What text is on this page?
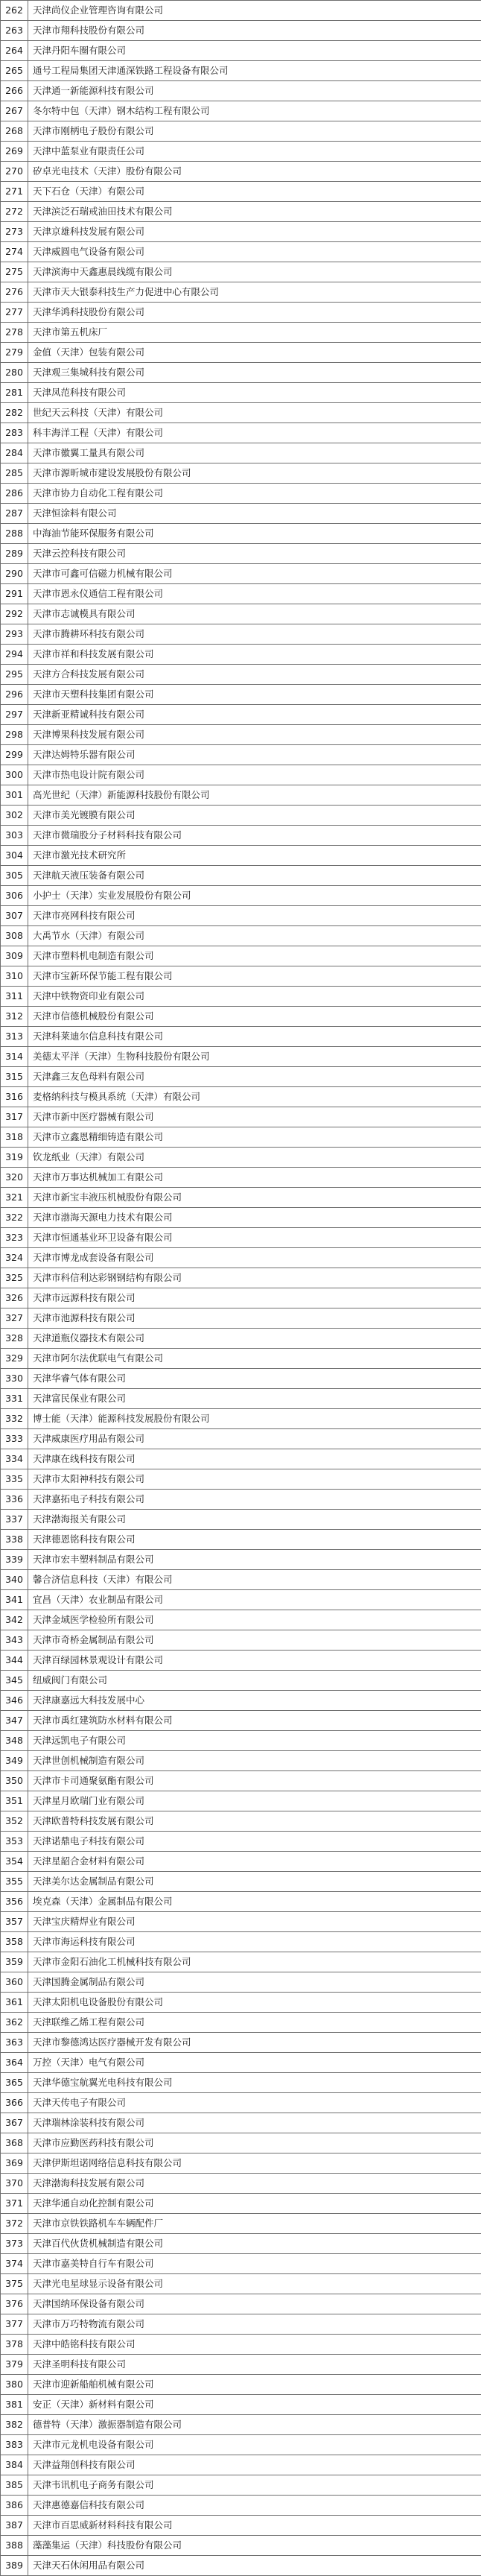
262	天津尚仪企业管理咨询有限公司
263	天津市翔科技股份有限公司
264	天津丹阳车圈有限公司
265	通号工程局集团天津通深铁路工程设备有限公司
266	天津通一新能源科技有限公司
267	冬尔特中包（天津）钢木结构工程有限公司
268	天津市刚柄电子股份有限公司
269	天津中蓝泵业有限责任公司
270	矽卓光电技术（天津）股份有限公司
271	天下石仓（天津）有限公司
272	天津滨泛石瑞戒油田技术有限公司
273	天津京雄科技发展有限公司
274	天津威圆电气设备有限公司
275	天津滨海中天鑫惠晨线缆有限公司
276	天津市天大银泰科技生产力促进中心有限公司
277	天津华鸿科技股份有限公司
278	天津市第五机床厂
279	金值（天津）包装有限公司
280	天津观三集城科技有限公司
281	天津凤范科技有限公司
282	世纪天云科技（天津）有限公司
283	科丰海洋工程（天津）有限公司
284	天津市徽翼工量具有限公司
285	天津市源昕城市建设发展股份有限公司
286	天津市协力自动化工程有限公司
287	天津恒涂料有限公司
288	中海油节能环保服务有限公司
289	天津云控科技有限公司
290	天津市可鑫可信磁力机械有限公司
291	天津市恩永仪通信工程有限公司
292	天津市志诚模具有限公司
293	天津市腾耕环科技有限公司
294	天津市祥和科技发展有限公司
295	天津方合科技发展有限公司
296	天津市天塑科技集团有限公司
297	天津新亚精诚科技有限公司
298	天津博果科技发展有限公司
299	天津达姆特乐器有限公司
300	天津市热电设计院有限公司
301	高光世纪（天津）新能源科技股份有限公司
302	天津市美光镀膜有限公司
303	天津市微瑞股分子材料科技有限公司
304	天津市激光技术研究所
305	天津航天液压装备有限公司
306	小护士（天津）实业发展股份有限公司
307	天津市亮网科技有限公司
308	大禹节水（天津）有限公司
309	天津市塑料机电制造有限公司
310	天津市宝新环保节能工程有限公司
311	天津中铁物资印业有限公司
312	天津市信德机械股份有限公司
313	天津科莱迪尔信息科技有限公司
314	美德太平洋（天津）生物科技股份有限公司
315	天津鑫三友色母料有限公司
316	麦格纳科技与模具系统（天津）有限公司
317	天津市新中医疗器械有限公司
318	天津市立鑫恩精细铸造有限公司
319	钦龙纸业（天津）有限公司
320	天津市万事达机械加工有限公司
321	天津市新宝丰液压机械股份有限公司
322	天津市渤海天源电力技术有限公司
323	天津市恒通基业环卫设备有限公司
324	天津市博龙成套设备有限公司
325	天津市科信利达彩钢钢结构有限公司
326	天津市远源科技有限公司
327	天津市池源科技有限公司
328	天津道瓶仪器技术有限公司
329	天津市阿尔法优联电气有限公司
330	天津华睿气体有限公司
331	天津富民保业有限公司
332	博士能（天津）能源科技发展股份有限公司
333	天津威康医疗用品有限公司
334	天津康在线科技有限公司
335	天津市太阳神科技有限公司
336	天津嘉拓电子科技有限公司
337	天津渤海报关有限公司
338	天津德恩铭科技有限公司
339	天津市宏丰塑料制品有限公司
340	馨合济信息科技（天津）有限公司
341	宜昌（天津）农业制品有限公司
342	天津金域医学检验所有限公司
343	天津市奇桥金属制品有限公司
344	天津百绿园林景观设计有限公司
345	纽威阀门有限公司
346	天津康嘉远大科技发展中心
347	天津市禹红建筑防水材料有限公司
348	天津远凯电子有限公司
349	天津世创机械制造有限公司
350	天津市卡司通聚氨酯有限公司
351	天津星月欧瑞门业有限公司
352	天津欧普特科技发展有限公司
353	天津诺鼎电子科技有限公司
354	天津星韶合金材料有限公司
355	天津美尔达金属制品有限公司
356	埃克森（天津）金属制品有限公司
357	天津宝庆精焊业有限公司
358	天津市海运科技有限公司
359	天津市金阳石油化工机械科技有限公司
360	天津国腾金属制品有限公司
361	天津太阳机电设备股份有限公司
362	天津联维乙烯工程有限公司
363	天津市黎德鸿达医疗器械开发有限公司
364	万控（天津）电气有限公司
365	天津华德宝航翼光电科技有限公司
366	天津天传电子有限公司
367	天津瑞林涂装科技有限公司
368	天津市应勤医药科技有限公司
369	天津伊斯坦诺网络信息科技有限公司
370	天津渤海科技发展有限公司
371	天津华通自动化控制有限公司
372	天津市京铁铁路机车车辆配件厂
373	天津百代伙货机械制造有限公司
374	天津市嘉美特自行车有限公司
375	天津光电星球显示设备有限公司
376	天津国纳环保设备有限公司
377	天津市万巧特物流有限公司
378	天津中皓铭科技有限公司
379	天津圣明科技有限公司
380	天津市迎新船舶机械有限公司
381	安正（天津）新材料有限公司
382	德普特（天津）激振器制造有限公司
383	天津市元龙机电设备有限公司
384	天津益翔创科技有限公司
385	天津韦讯机电子商务有限公司
386	天津惠德嘉信科技有限公司
387	天津市百思威新材料科技有限公司
388	藻藻集运（天津）科技股份有限公司
389	天津天石休闲用品有限公司
